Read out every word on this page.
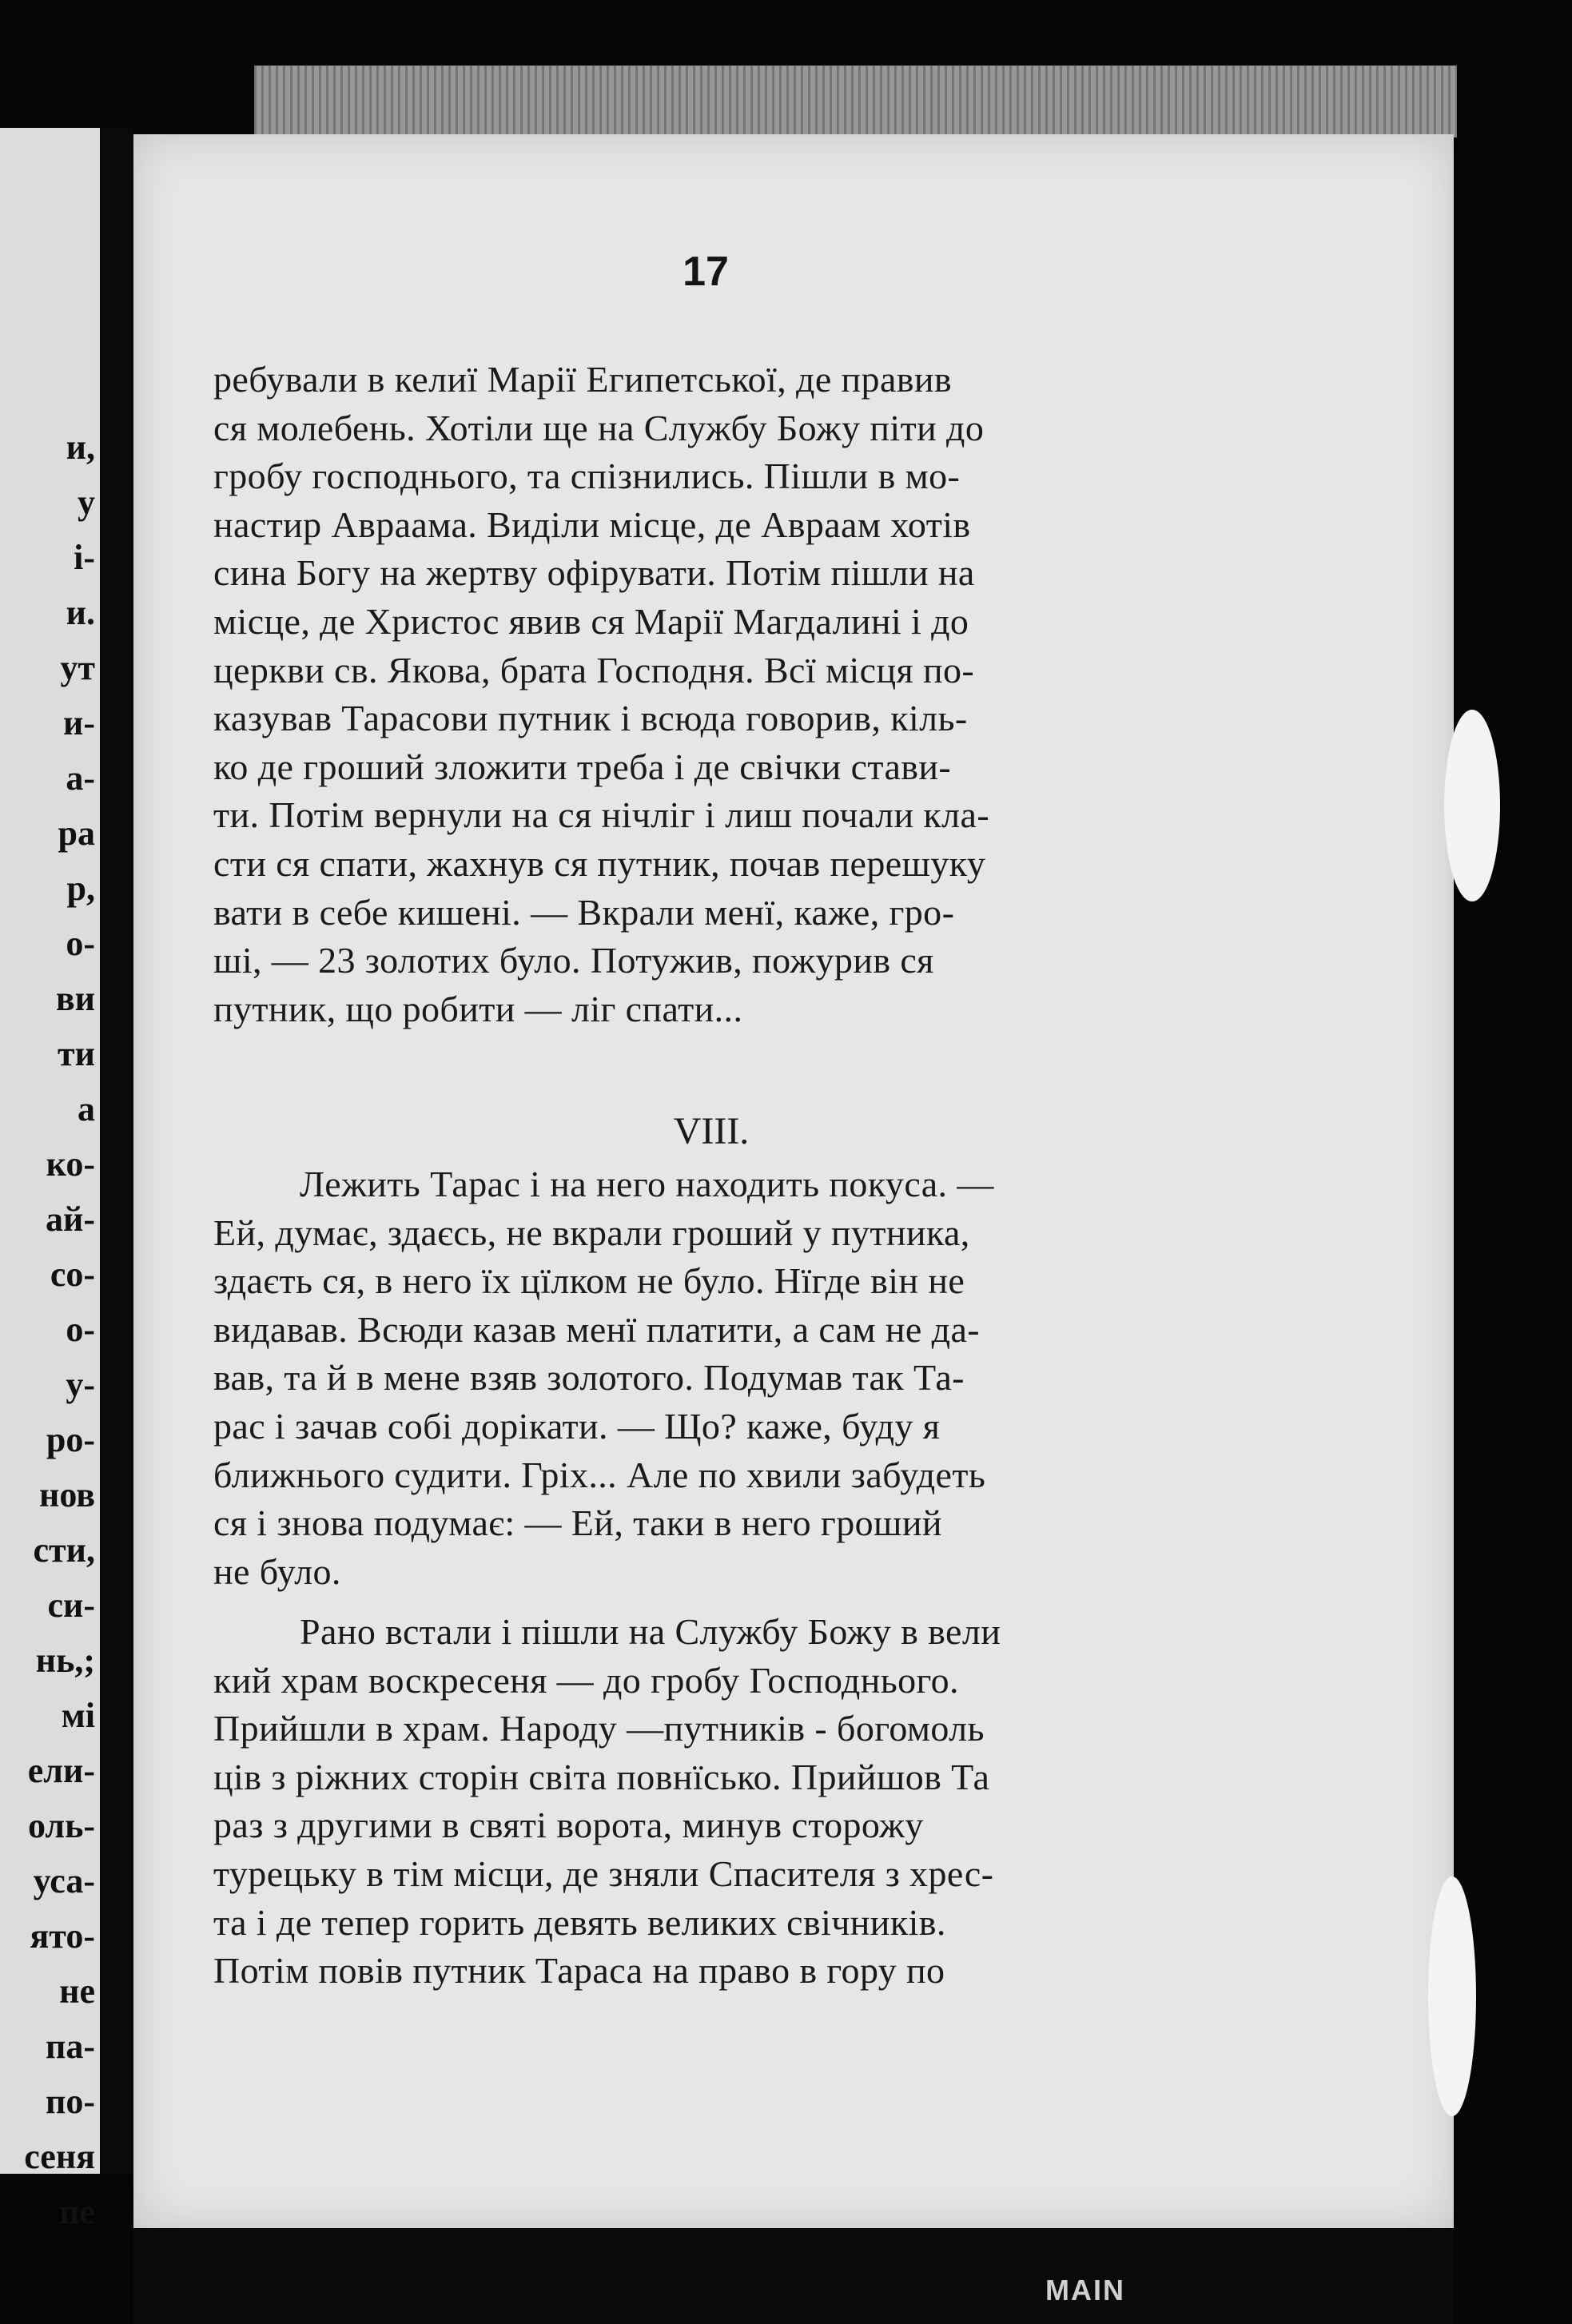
и,
у
і-
и.
ут
и-
а-
ра
р,
о-
ви
ти
а
ко-
ай-
со-
о-
у-
ро-
нов
сти,
си-
нь,;
мі
ели-
оль-
уса-
ято-
не
па-
по-
сеня
пе
17
ребували в келиї Марії Египетської, де правив
ся молебень. Хотіли ще на Службу Божу піти до
гробу господнього, та спізнились. Пішли в мо-
настир Авраама. Виділи місце, де Авраам хотів
сина Богу на жертву офірувати. Потім пішли на
місце, де Христос явив ся Марії Магдалині і до
церкви св. Якова, брата Господня. Всї місця по-
казував Тарасови путник і всюда говорив, кіль-
ко де гроший зложити треба і де свічки стави-
ти. Потім вернули на ся нічліг і лиш почали кла-
сти ся спати, жахнув ся путник, почав перешуку
вати в себе кишені. — Вкрали менї, каже, гро-
ші, — 23 золотих було. Потужив, пожурив ся
путник, що робити — ліг спати...
VIII.
Лежить Тарас і на него находить покуса. —
Ей, думає, здаєсь, не вкрали гроший у путника,
здаєть ся, в него їх цїлком не було. Нїгде він не
видавав. Всюди казав менї платити, а сам не да-
вав, та й в мене взяв золотого. Подумав так Та-
рас і зачав собі дорікати. — Що? каже, буду я
ближнього судити. Гріх... Але по хвили забудеть
ся і знова подумає: — Ей, таки в него гроший
не було.
Рано встали і пішли на Службу Божу в вели
кий храм воскресеня — до гробу Господнього.
Прийшли в храм. Народу —путників - богомоль
ців з ріжних сторін світа повнїсько. Прийшов Та
раз з другими в святі ворота, минув сторожу
турецьку в тім місци, де зняли Спасителя з хрес-
та і де тепер горить девять великих свічників.
Потім повів путник Тараса на право в гору по
MAIN
